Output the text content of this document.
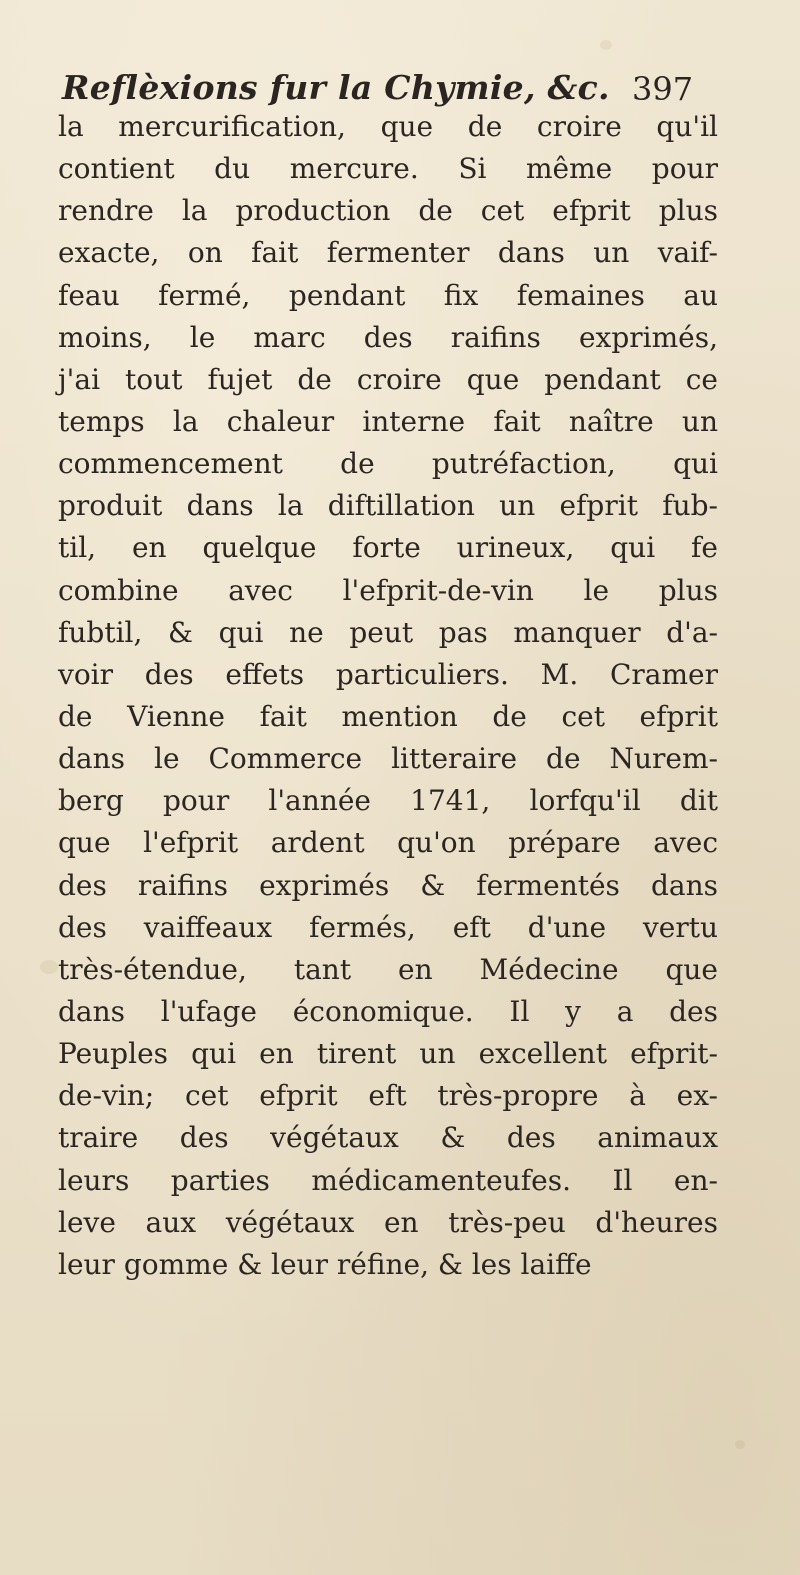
Reflèxions fur la Chymie, &c. 397
la mercurification, que de croire qu'il
contient du mercure. Si même pour
rendre la production de cet efprit plus
exacte, on fait fermenter dans un vaif-
feau fermé, pendant fix femaines au
moins, le marc des raifins exprimés,
j'ai tout fujet de croire que pendant ce
temps la chaleur interne fait naître un
commencement de putréfaction, qui
produit dans la diftillation un efprit fub-
til, en quelque forte urineux, qui fe
combine avec l'efprit-de-vin le plus
fubtil, & qui ne peut pas manquer d'a-
voir des effets particuliers. M. Cramer
de Vienne fait mention de cet efprit
dans le Commerce litteraire de Nurem-
berg pour l'année 1741, lorfqu'il dit
que l'efprit ardent qu'on prépare avec
des raifins exprimés & fermentés dans
des vaiffeaux fermés, eft d'une vertu
très-étendue, tant en Médecine que
dans l'ufage économique. Il y a des
Peuples qui en tirent un excellent efprit-
de-vin; cet efprit eft très-propre à ex-
traire des végétaux & des animaux
leurs parties médicamenteufes. Il en-
leve aux végétaux en très-peu d'heures
leur gomme & leur réfine, & les laiffe
